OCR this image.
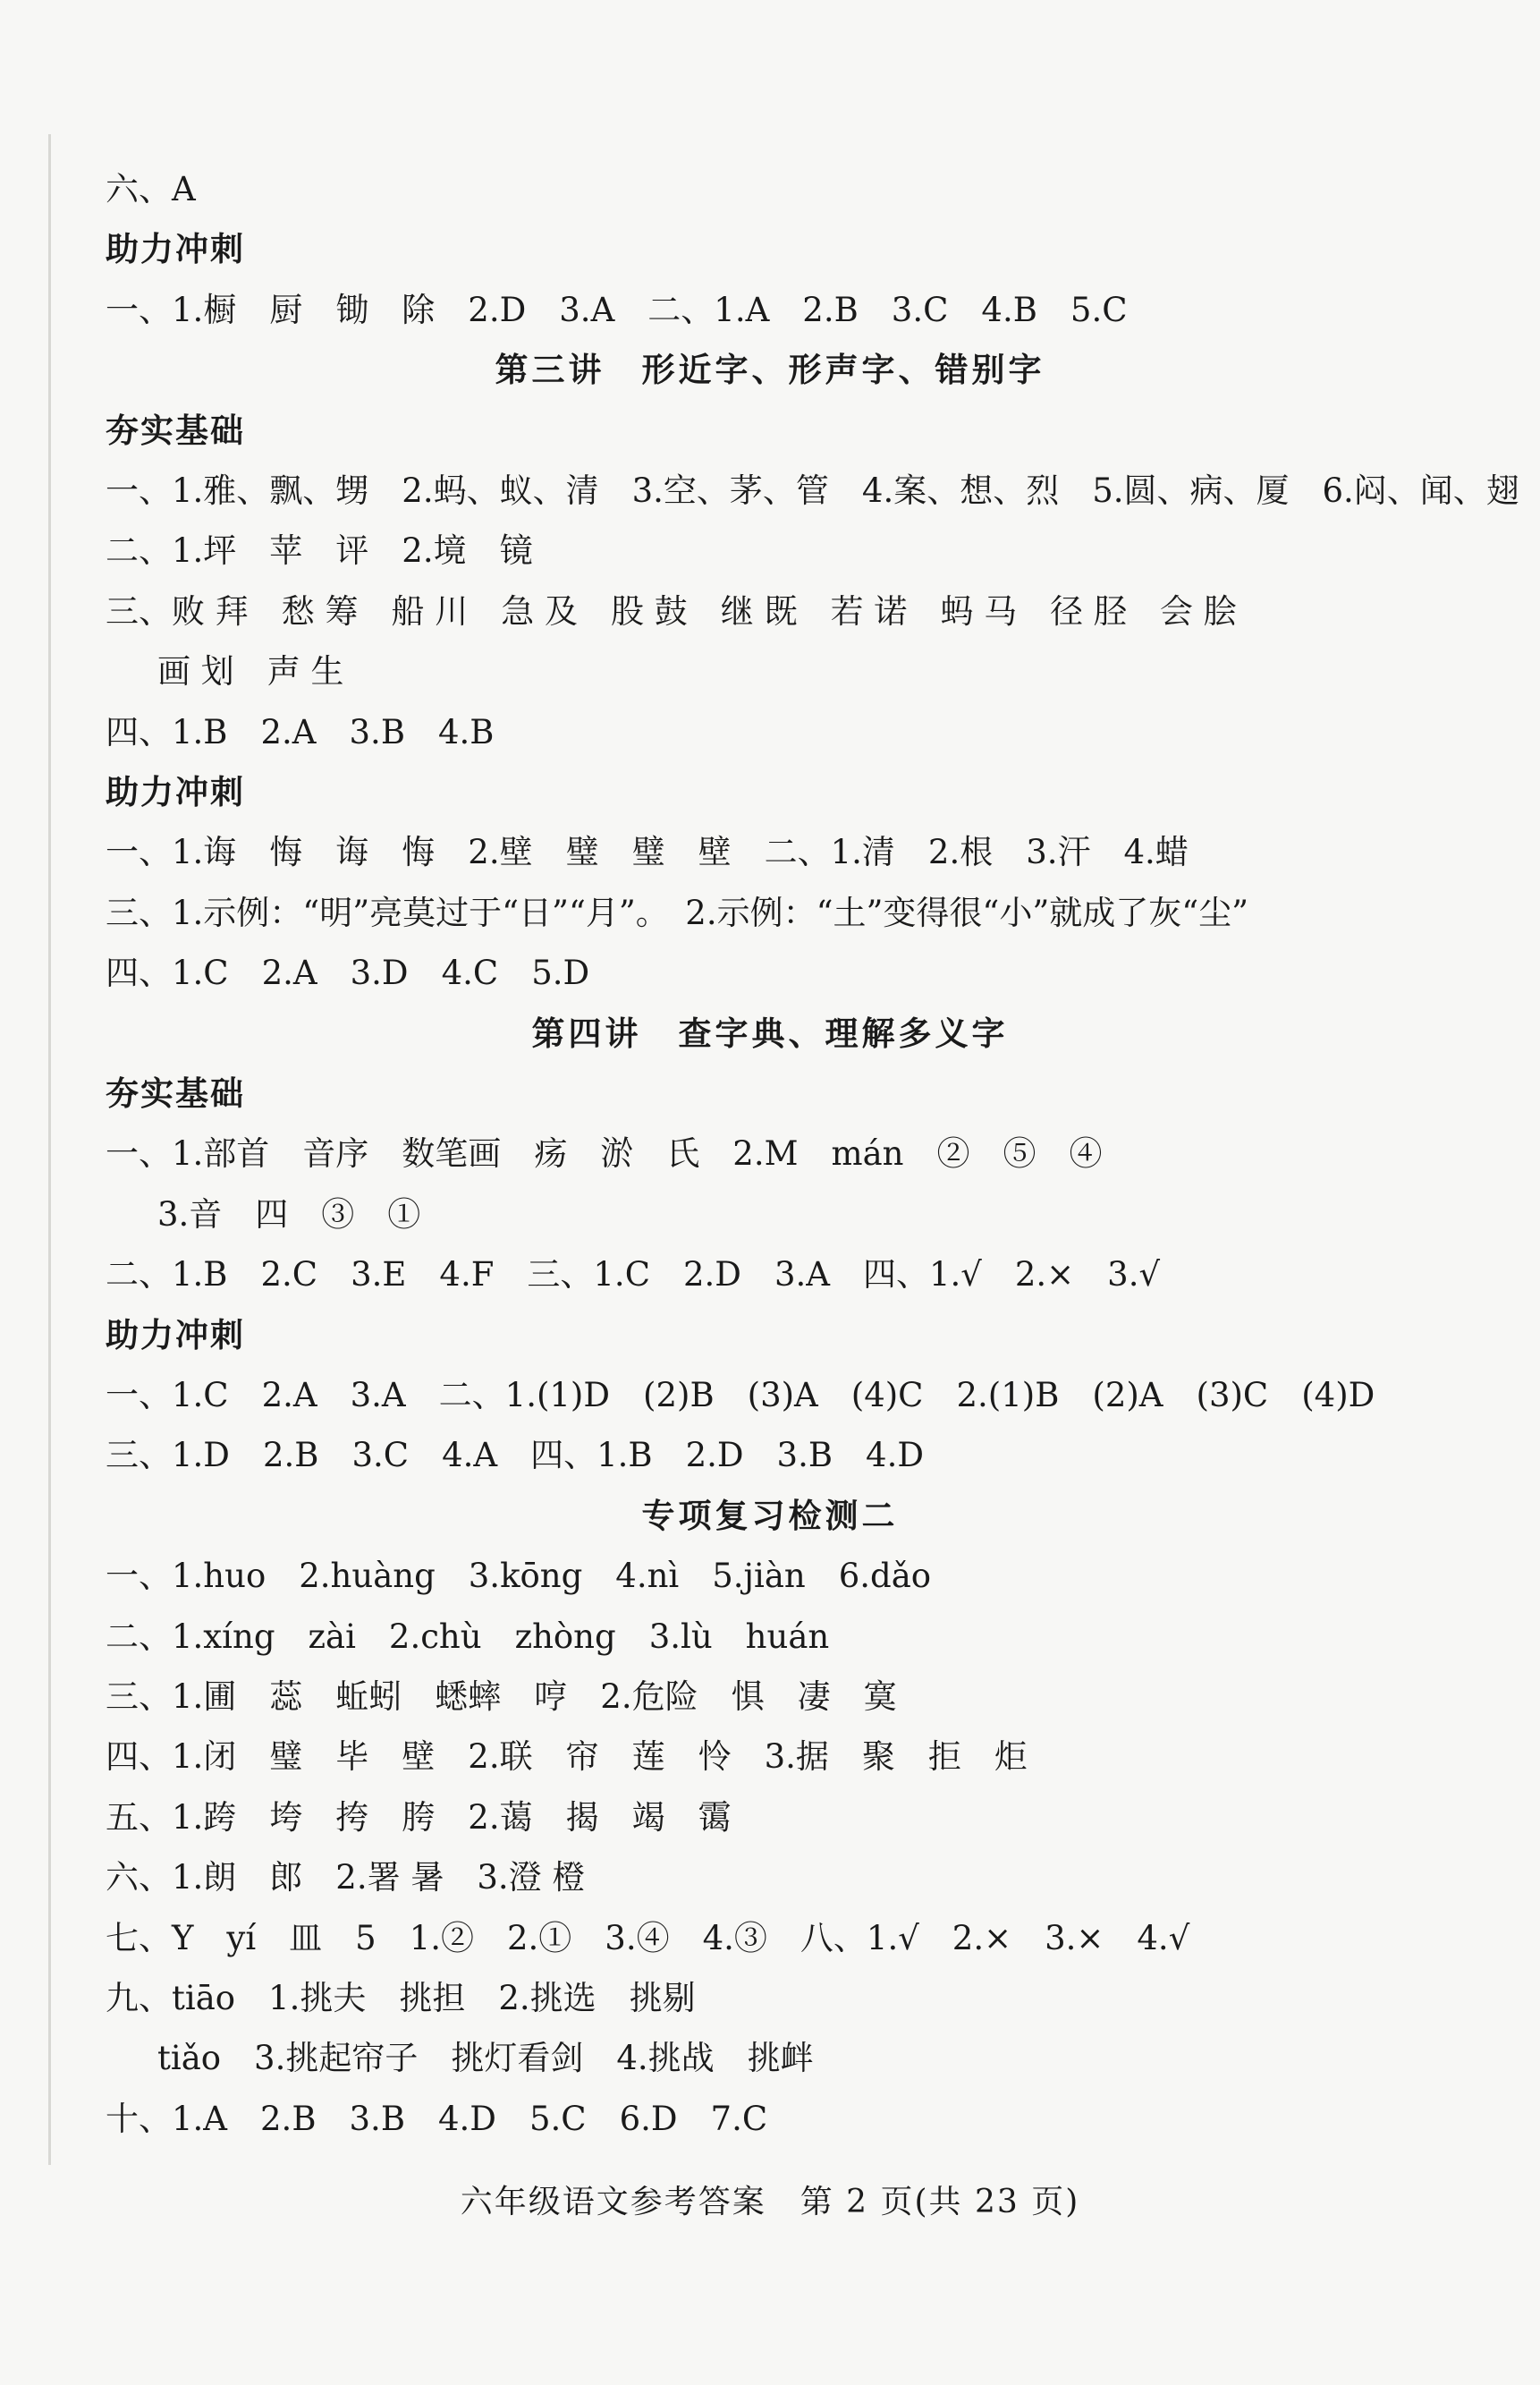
六、A
助力冲刺
一、1.橱　厨　锄　除　2.D　3.A　二、1.A　2.B　3.C　4.B　5.C
第三讲　形近字、形声字、错别字
夯实基础
一、1.雅、飘、甥　2.蚂、蚁、清　3.空、茅、管　4.案、想、烈　5.圆、病、厦　6.闷、闻、翅
二、1.坪　苹　评　2.境　镜
三、败 拜　愁 筹　船 川　急 及　股 鼓　继 既　若 诺　蚂 马　径 胫　会 脍
画 划　声 生
四、1.B　2.A　3.B　4.B
助力冲刺
一、1.诲　悔　诲　悔　2.壁　璧　璧　壁　二、1.清　2.根　3.汗　4.蜡
三、1.示例：“明”亮莫过于“日”“月”。　2.示例：“土”变得很“小”就成了灰“尘”
四、1.C　2.A　3.D　4.C　5.D
第四讲　查字典、理解多义字
夯实基础
一、1.部首　音序　数笔画　疡　淤　氏　2.M　mán　②　⑤　④
3.音　四　③　①
二、1.B　2.C　3.E　4.F　三、1.C　2.D　3.A　四、1.√　2.×　3.√
助力冲刺
一、1.C　2.A　3.A　二、1.(1)D　(2)B　(3)A　(4)C　2.(1)B　(2)A　(3)C　(4)D
三、1.D　2.B　3.C　4.A　四、1.B　2.D　3.B　4.D
专项复习检测二
一、1.huo　2.huàng　3.kōng　4.nì　5.jiàn　6.dǎo
二、1.xíng　zài　2.chù　zhòng　3.lù　huán
三、1.圃　蕊　蚯蚓　蟋蟀　哼　2.危险　惧　凄　寞
四、1.闭　璧　毕　壁　2.联　帘　莲　怜　3.据　聚　拒　炬
五、1.跨　垮　挎　胯　2.蔼　揭　竭　霭
六、1.朗　郎　2.署 暑　3.澄 橙
七、Y　yí　皿　5　1.②　2.①　3.④　4.③　八、1.√　2.×　3.×　4.√
九、tiāo　1.挑夫　挑担　2.挑选　挑剔
tiǎo　3.挑起帘子　挑灯看剑　4.挑战　挑衅
十、1.A　2.B　3.B　4.D　5.C　6.D　7.C
六年级语文参考答案　第 2 页(共 23 页)
